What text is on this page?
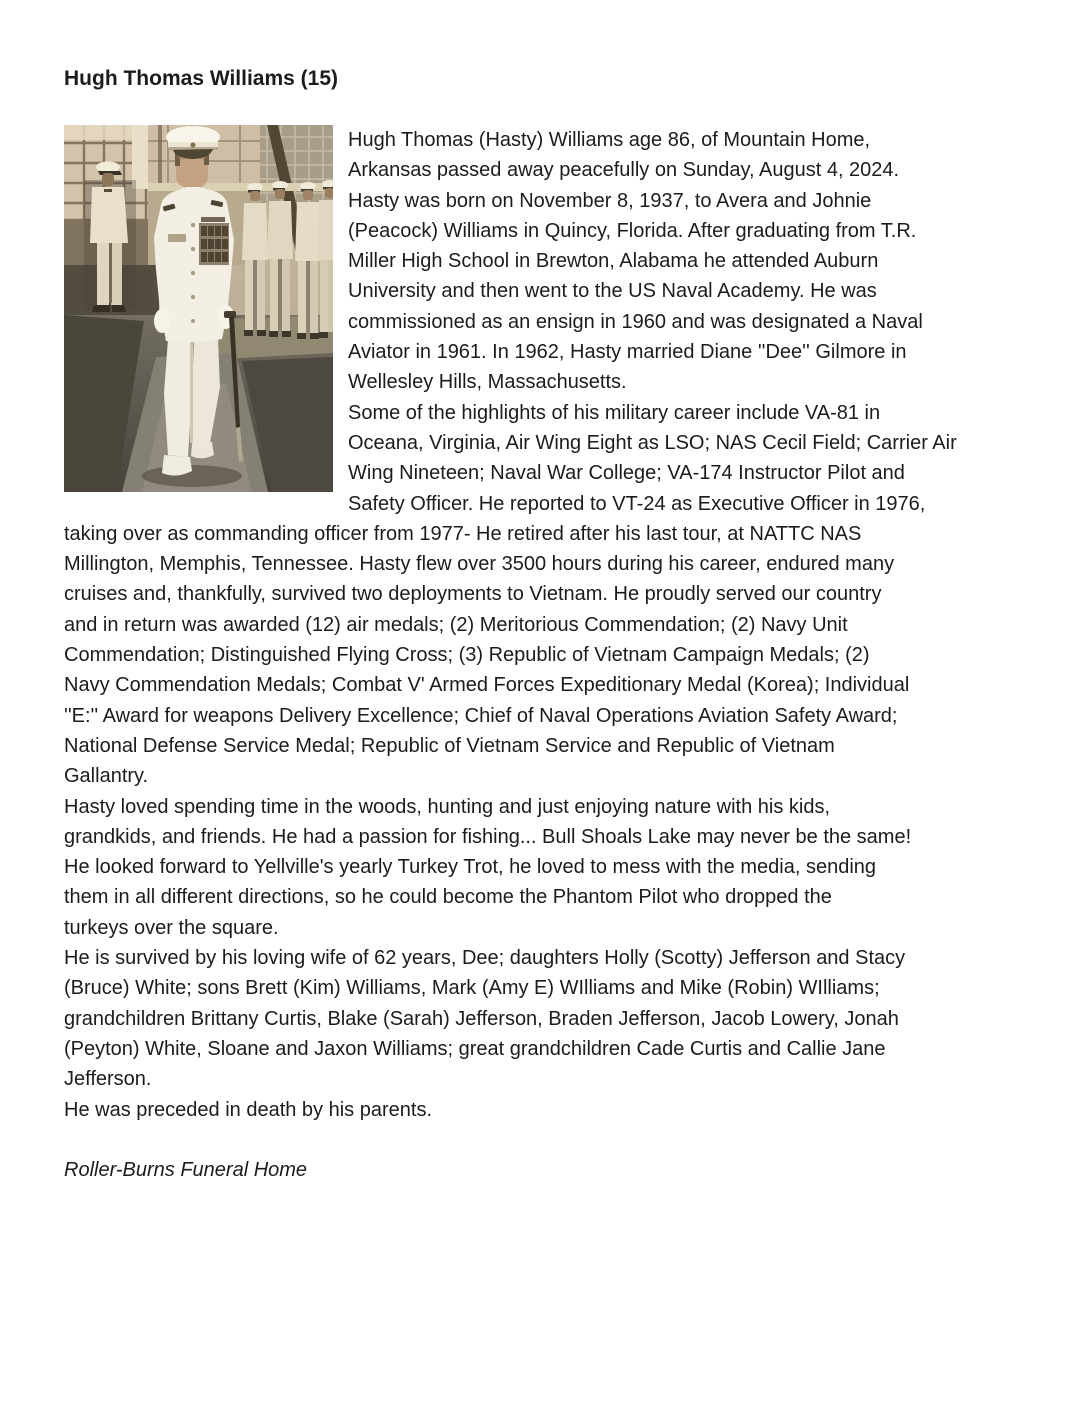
Hugh Thomas Williams (15)
Hugh Thomas (Hasty) Williams age 86, of Mountain Home,
Arkansas passed away peacefully on Sunday, August 4, 2024.
Hasty was born on November 8, 1937, to Avera and Johnie
(Peacock) Williams in Quincy, Florida. After graduating from T.R.
Miller High School in Brewton, Alabama he attended Auburn
University and then went to the US Naval Academy. He was
commissioned as an ensign in 1960 and was designated a Naval
Aviator in 1961. In 1962, Hasty married Diane ''Dee'' Gilmore in
Wellesley Hills, Massachusetts.
Some of the highlights of his military career include VA-81 in
Oceana, Virginia, Air Wing Eight as LSO; NAS Cecil Field; Carrier Air
Wing Nineteen; Naval War College; VA-174 Instructor Pilot and
Safety Officer. He reported to VT-24 as Executive Officer in 1976,
taking over as commanding officer from 1977- He retired after his last tour, at NATTC NAS
Millington, Memphis, Tennessee. Hasty flew over 3500 hours during his career, endured many
cruises and, thankfully, survived two deployments to Vietnam. He proudly served our country
and in return was awarded (12) air medals; (2) Meritorious Commendation; (2) Navy Unit
Commendation; Distinguished Flying Cross; (3) Republic of Vietnam Campaign Medals; (2)
Navy Commendation Medals; Combat V' Armed Forces Expeditionary Medal (Korea); Individual
''E:'' Award for weapons Delivery Excellence; Chief of Naval Operations Aviation Safety Award;
National Defense Service Medal; Republic of Vietnam Service and Republic of Vietnam
Gallantry.
Hasty loved spending time in the woods, hunting and just enjoying nature with his kids,
grandkids, and friends. He had a passion for fishing... Bull Shoals Lake may never be the same!
He looked forward to Yellville's yearly Turkey Trot, he loved to mess with the media, sending
them in all different directions, so he could become the Phantom Pilot who dropped the
turkeys over the square.
He is survived by his loving wife of 62 years, Dee; daughters Holly (Scotty) Jefferson and Stacy
(Bruce) White; sons Brett (Kim) Williams, Mark (Amy E) WIlliams and Mike (Robin) WIlliams;
grandchildren Brittany Curtis, Blake (Sarah) Jefferson, Braden Jefferson, Jacob Lowery, Jonah
(Peyton) White, Sloane and Jaxon Williams; great grandchildren Cade Curtis and Callie Jane
Jefferson.
He was preceded in death by his parents.
Roller-Burns Funeral Home
